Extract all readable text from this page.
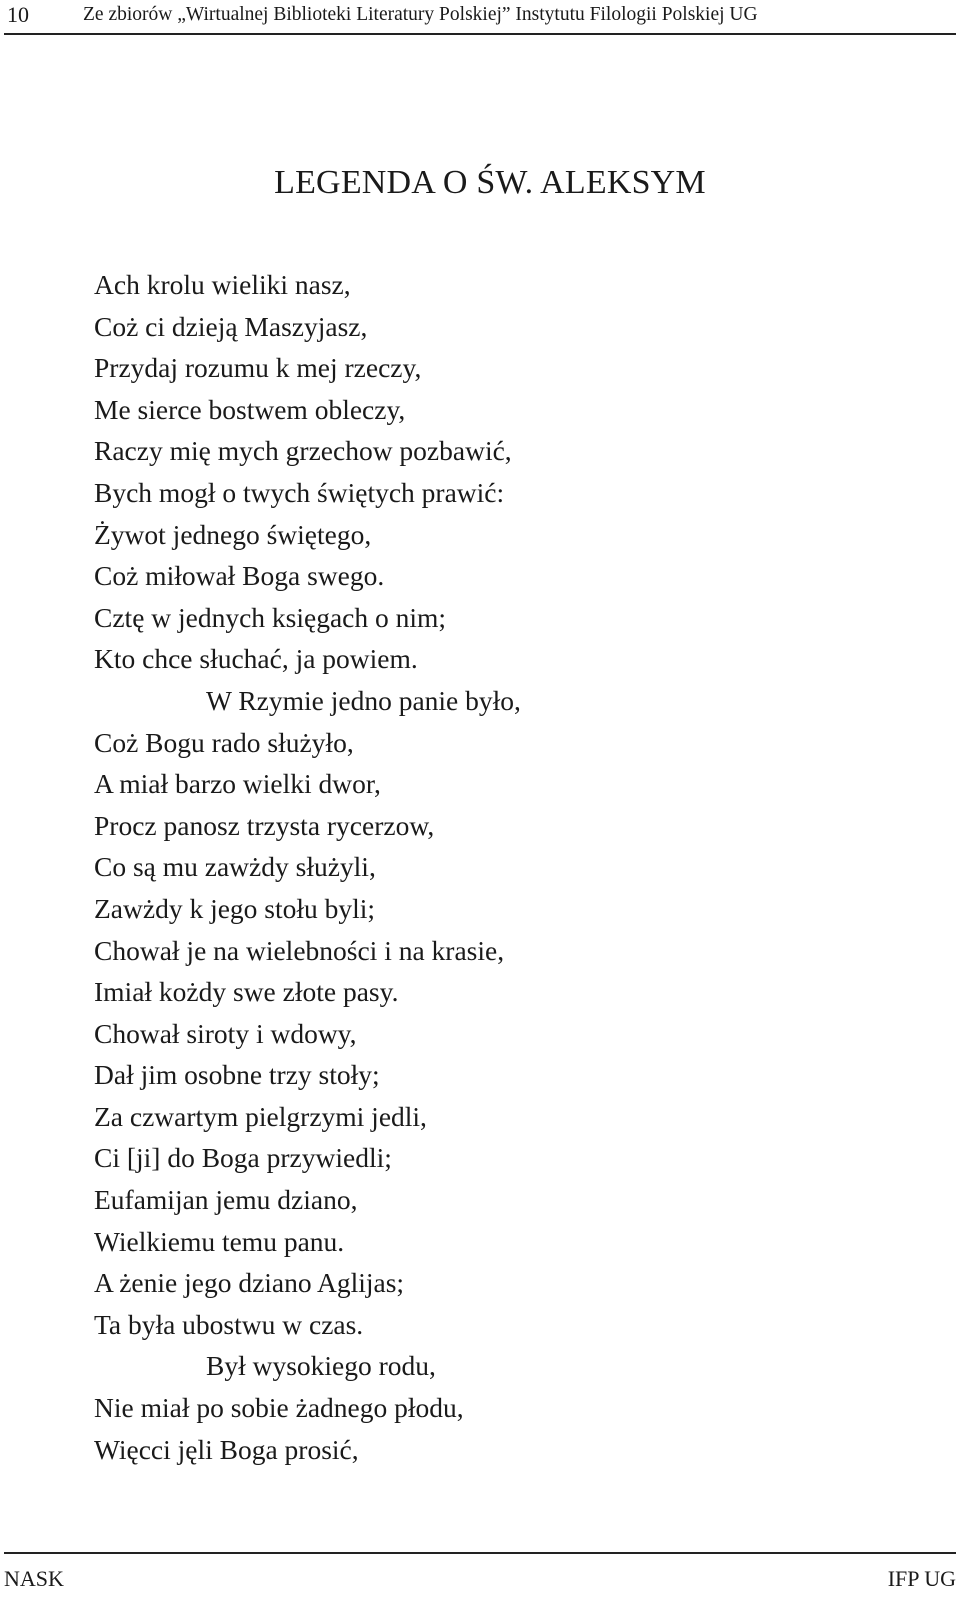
10	Ze zbiorów „Wirtualnej Biblioteki Literatury Polskiej” Instytutu Filologii Polskiej UG
LEGENDA O ŚW. ALEKSYM
Ach krolu wieliki nasz,
Coż ci dzieją Maszyjasz,
Przydaj rozumu k mej rzeczy,
Me sierce bostwem obleczy,
Raczy mię mych grzechow pozbawić,
Bych mogł o twych świętych prawić:
Żywot jednego świętego,
Coż miłował Boga swego.
Cztę w jednych księgach o nim;
Kto chce słuchać, ja powiem.
W Rzymie jedno panie było,
Coż Bogu rado służyło,
A miał barzo wielki dwor,
Procz panosz trzysta rycerzow,
Co są mu zawżdy służyli,
Zawżdy k jego stołu byli;
Chował je na wielebności i na krasie,
Imiał kożdy swe złote pasy.
Chował siroty i wdowy,
Dał jim osobne trzy stoły;
Za czwartym pielgrzymi jedli,
Ci [ji] do Boga przywiedli;
Eufamijan jemu dziano,
Wielkiemu temu panu.
A żenie jego dziano Aglijas;
Ta była ubostwu w czas.
Był wysokiego rodu,
Nie miał po sobie żadnego płodu,
Więcci jęli Boga prosić,
NASK	IFP UG
